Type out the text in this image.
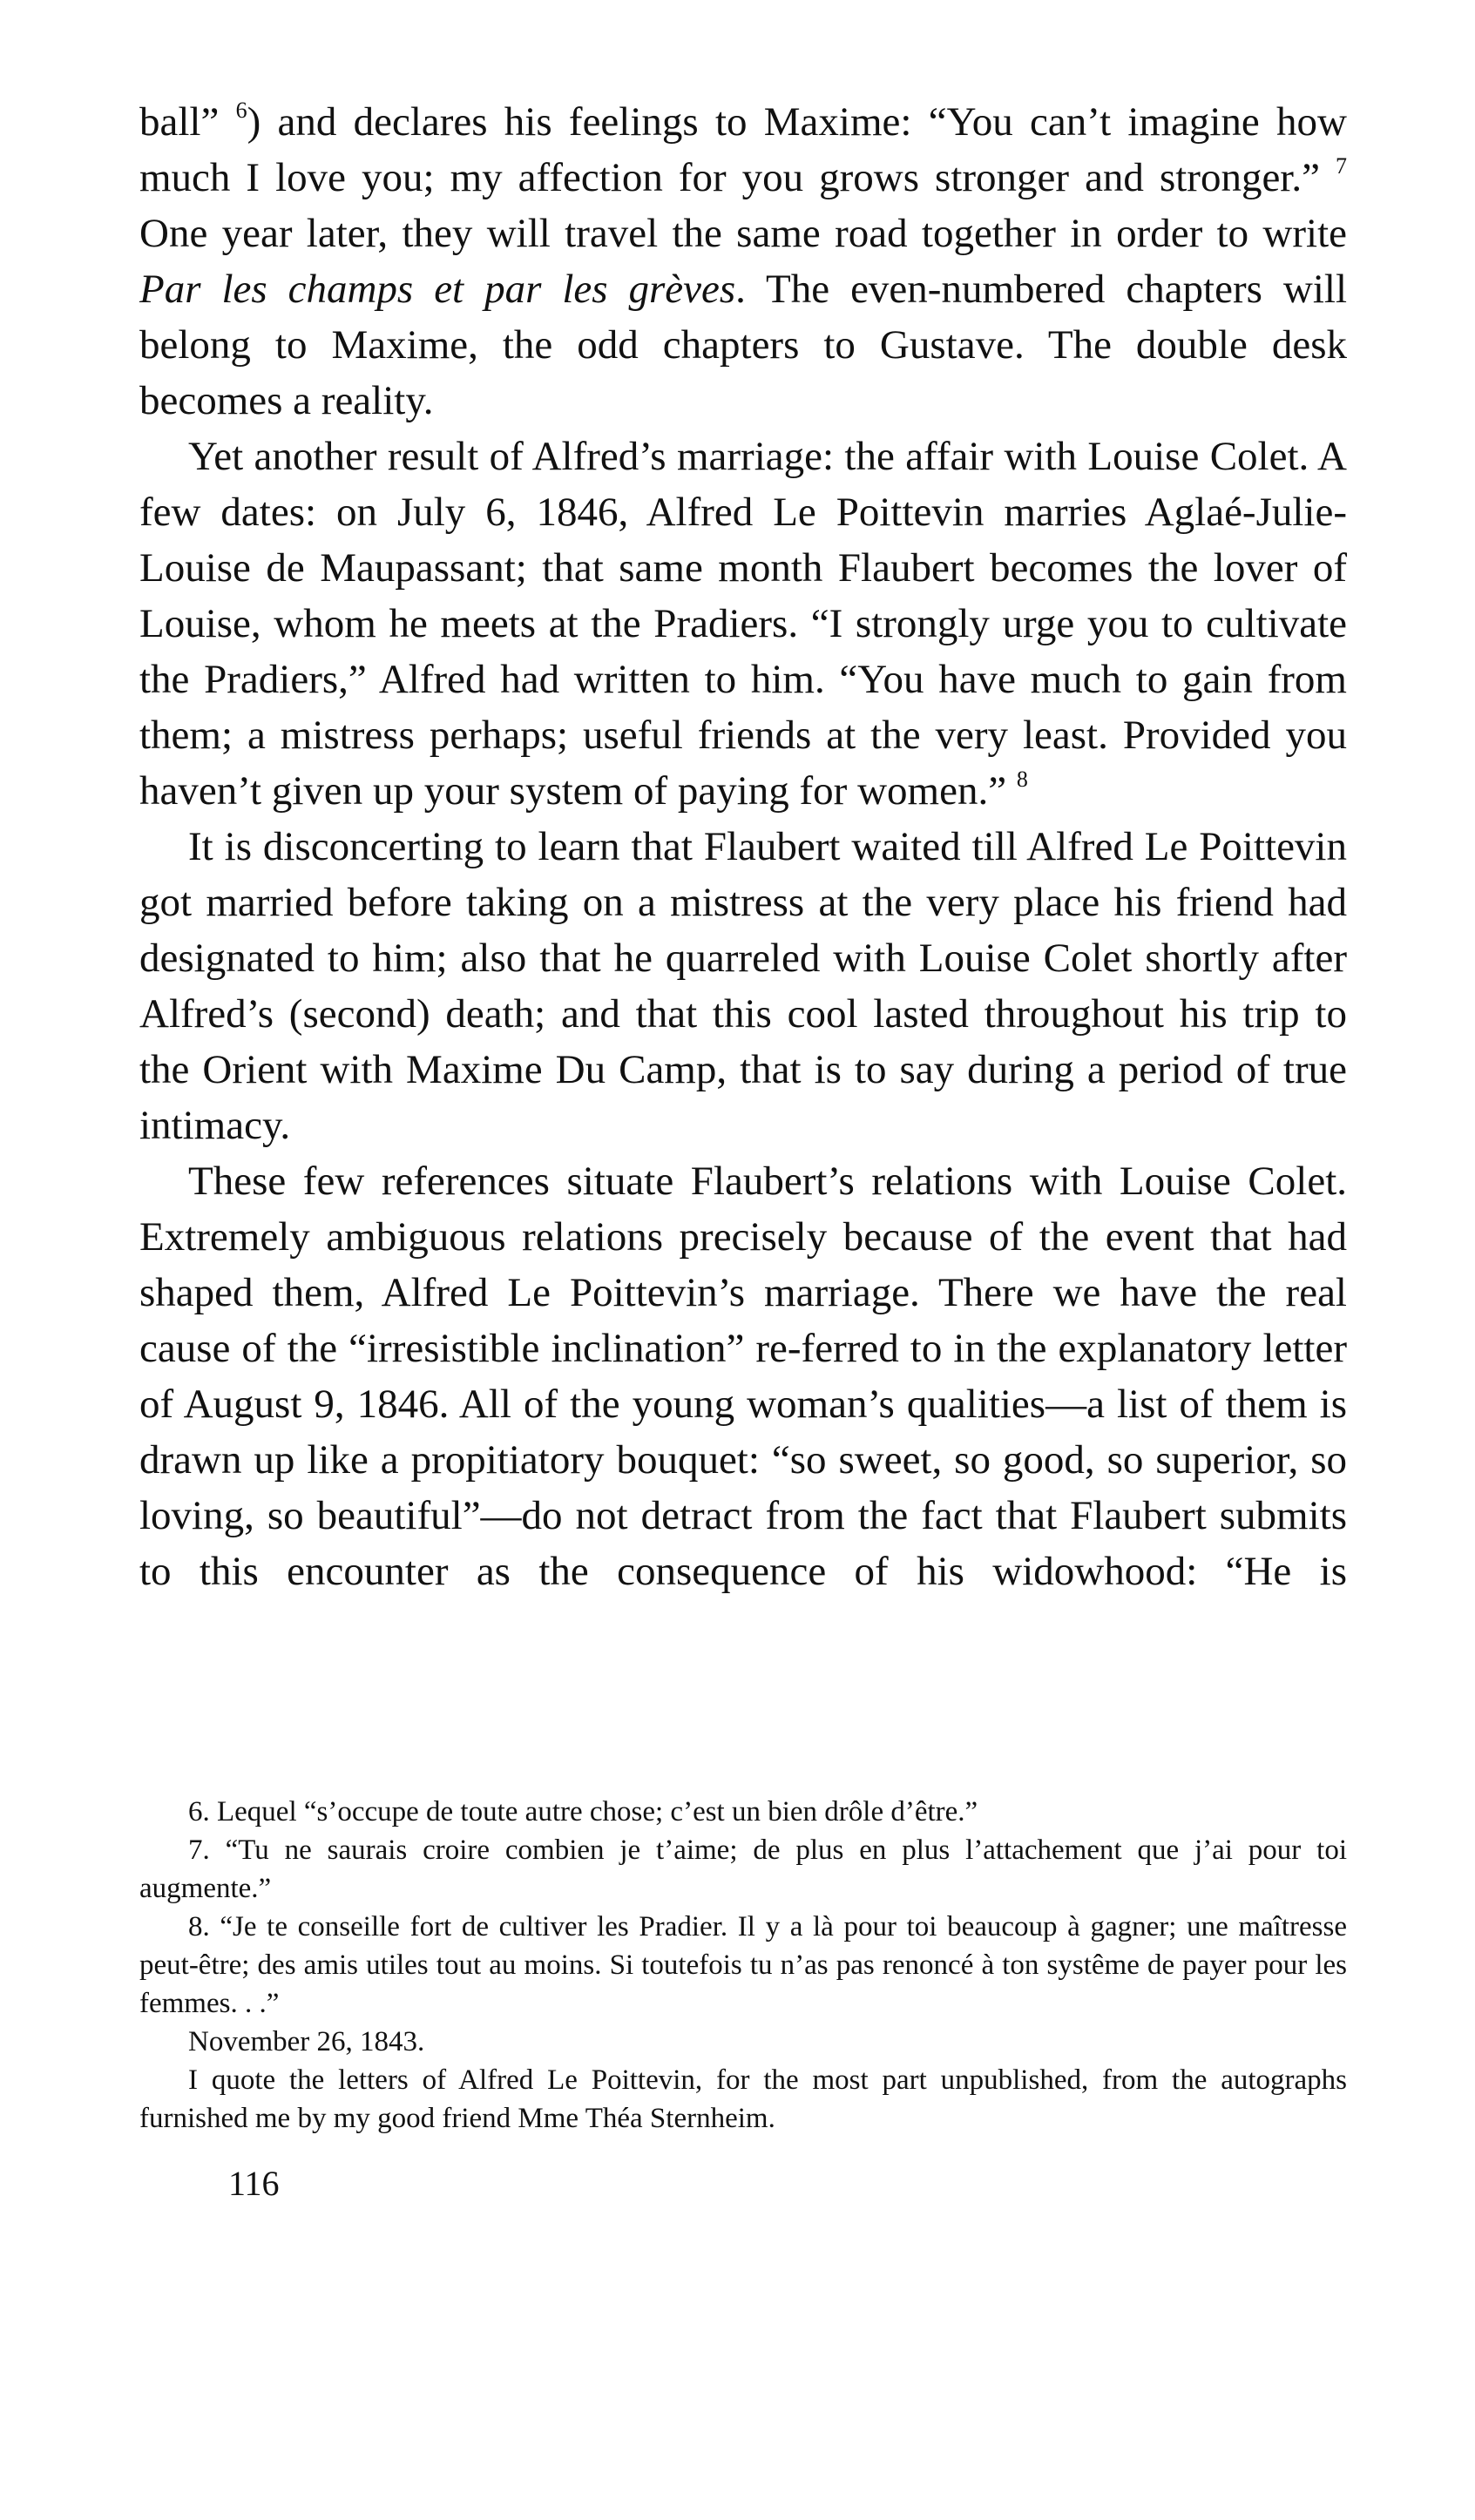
ball” $^6$) and declares his feelings to Maxime: “You can’t imagine how much I love you; my affection for you grows stronger and stronger.” $^7$ One year later, they will travel the same road together in order to write Par les champs et par les grèves. The even-numbered chapters will belong to Maxime, the odd chapters to Gustave. The double desk becomes a reality.

Yet another result of Alfred’s marriage: the affair with Louise Colet. A few dates: on July 6, 1846, Alfred Le Poittevin marries Aglaé-Julie-Louise de Maupassant; that same month Flaubert becomes the lover of Louise, whom he meets at the Pradiers. “I strongly urge you to cultivate the Pradiers,” Alfred had written to him. “You have much to gain from them; a mistress perhaps; useful friends at the very least. Provided you haven’t given up your system of paying for women.” $^8$

It is disconcerting to learn that Flaubert waited till Alfred Le Poittevin got married before taking on a mistress at the very place his friend had designated to him; also that he quarreled with Louise Colet shortly after Alfred’s (second) death; and that this cool lasted throughout his trip to the Orient with Maxime Du Camp, that is to say during a period of true intimacy.

These few references situate Flaubert’s relations with Louise Colet. Extremely ambiguous relations precisely because of the event that had shaped them, Alfred Le Poittevin’s marriage. There we have the real cause of the “irresistible inclination” re-ferred to in the explanatory letter of August 9, 1846. All of the young woman’s qualities—a list of them is drawn up like a propitiatory bouquet: “so sweet, so good, so superior, so loving, so beautiful”—do not detract from the fact that Flaubert submits to this encounter as the consequence of his widowhood: “He is

6. Lequel “s’occupe de toute autre chose; c’est un bien drôle d’être.”

7. “Tu ne saurais croire combien je t’aime; de plus en plus l’attachement que j’ai pour toi augmente.”

8. “Je te conseille fort de cultiver les Pradier. Il y a là pour toi beaucoup à gagner; une maîtresse peut-être; des amis utiles tout au moins. Si toutefois tu n’as pas renoncé à ton systême de payer pour les femmes. . .”

November 26, 1843.

I quote the letters of Alfred Le Poittevin, for the most part unpublished, from the autographs furnished me by my good friend Mme Théa Sternheim.

116
